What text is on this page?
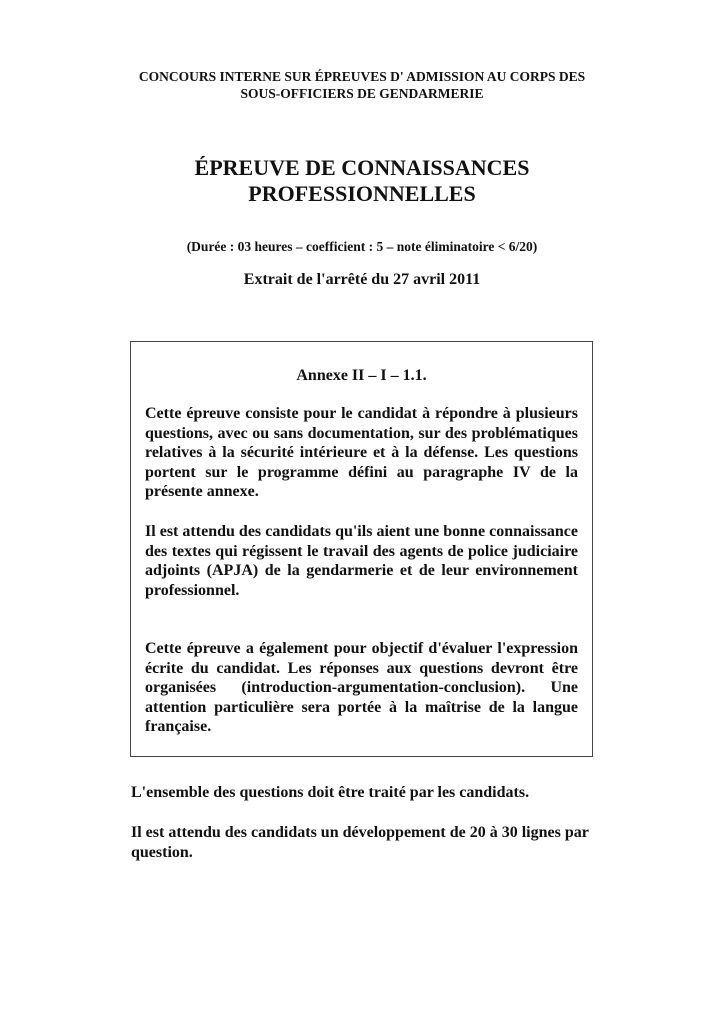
CONCOURS INTERNE SUR ÉPREUVES D' ADMISSION AU CORPS DES
SOUS-OFFICIERS DE GENDARMERIE
ÉPREUVE DE CONNAISSANCES
PROFESSIONNELLES
(Durée : 03 heures – coefficient : 5 – note éliminatoire < 6/20)
Extrait de l'arrêté du 27 avril 2011
Annexe II – I – 1.1.
Cette épreuve consiste pour le candidat à répondre à plusieurs questions, avec ou sans documentation, sur des problématiques relatives à la sécurité intérieure et à la défense. Les questions portent sur le programme défini au paragraphe IV de la présente annexe.
Il est attendu des candidats qu'ils aient une bonne connaissance des textes qui régissent le travail des agents de police judiciaire adjoints (APJA) de la gendarmerie et de leur environnement professionnel.
Cette épreuve a également pour objectif d'évaluer l'expression écrite du candidat. Les réponses aux questions devront être organisées (introduction-argumentation-conclusion). Une attention particulière sera portée à la maîtrise de la langue française.
L'ensemble des questions doit être traité par les candidats.
Il est attendu des candidats un développement de 20 à 30 lignes par question.
